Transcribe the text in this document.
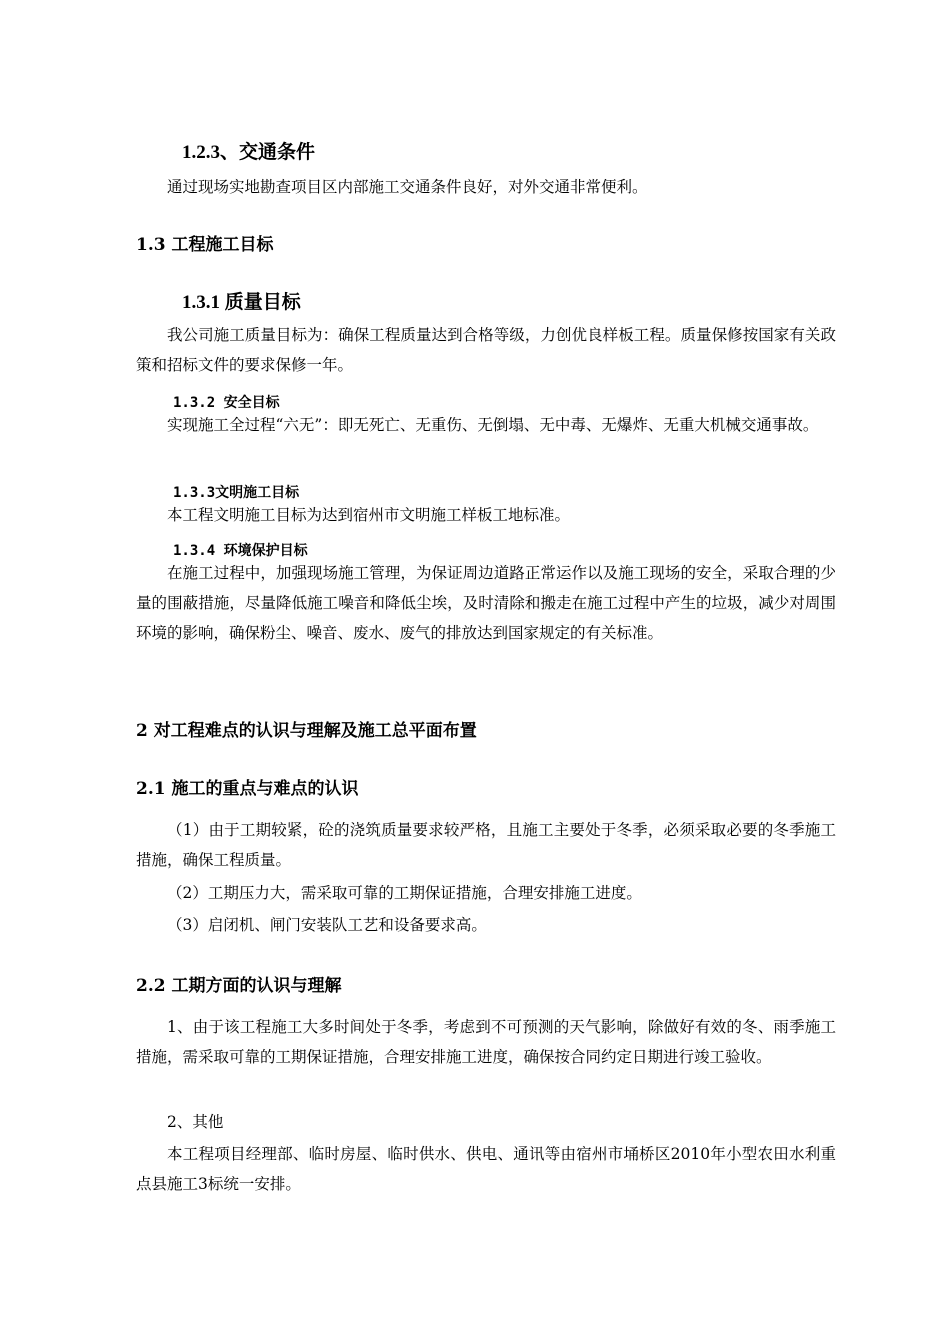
1.2.3、交通条件
通过现场实地勘查项目区内部施工交通条件良好，对外交通非常便利。
1.3 工程施工目标
1.3.1 质量目标
我公司施工质量目标为：确保工程质量达到合格等级，力创优良样板工程。质量保修按国家有关政策和招标文件的要求保修一年。
1.3.2 安全目标
实现施工全过程“六无”：即无死亡、无重伤、无倒塌、无中毒、无爆炸、无重大机械交通事故。
1.3.3文明施工目标
本工程文明施工目标为达到宿州市文明施工样板工地标准。
1.3.4 环境保护目标
在施工过程中，加强现场施工管理，为保证周边道路正常运作以及施工现场的安全，采取合理的少量的围蔽措施，尽量降低施工噪音和降低尘埃，及时清除和搬走在施工过程中产生的垃圾，减少对周围环境的影响，确保粉尘、噪音、废水、废气的排放达到国家规定的有关标准。
2 对工程难点的认识与理解及施工总平面布置
2.1 施工的重点与难点的认识
（1）由于工期较紧，砼的浇筑质量要求较严格，且施工主要处于冬季，必须采取必要的冬季施工措施，确保工程质量。
（2）工期压力大，需采取可靠的工期保证措施，合理安排施工进度。
（3）启闭机、闸门安装队工艺和设备要求高。
2.2 工期方面的认识与理解
1、由于该工程施工大多时间处于冬季，考虑到不可预测的天气影响，除做好有效的冬、雨季施工措施，需采取可靠的工期保证措施，合理安排施工进度，确保按合同约定日期进行竣工验收。
2、其他
本工程项目经理部、临时房屋、临时供水、供电、通讯等由宿州市埇桥区2010年小型农田水利重点县施工3标统一安排。
